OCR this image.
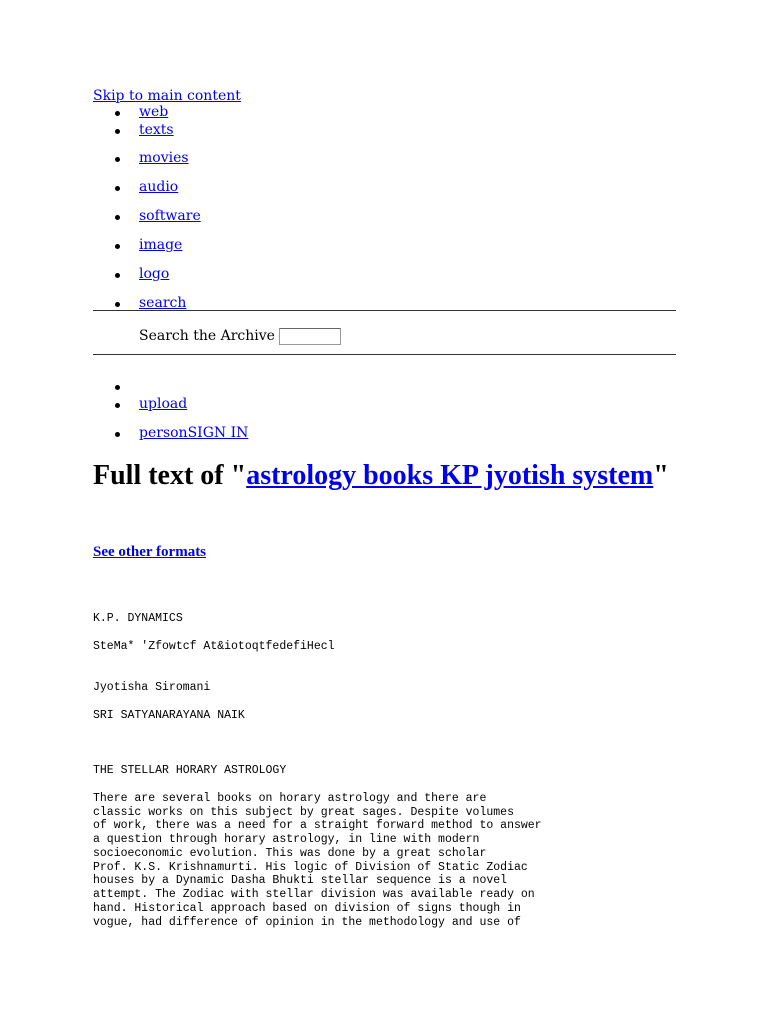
Skip to main content
web
texts
movies
audio
software
image
logo
search
Search the Archive
upload
personSIGN IN
Full text of "astrology books KP jyotish system"
See other formats
K.P. DYNAMICS
SteMa* 'Zfowtcf At&iotoqtfedefiHecl
Jyotisha Siromani
SRI SATYANARAYANA NAIK
THE STELLAR HORARY ASTROLOGY
There are several books on horary astrology and there are
classic works on this subject by great sages. Despite volumes
of work, there was a need for a straight forward method to answer
a question through horary astrology, in line with modern
socioeconomic evolution. This was done by a great scholar
Prof. K.S. Krishnamurti. His logic of Division of Static Zodiac
houses by a Dynamic Dasha Bhukti stellar sequence is a novel
attempt. The Zodiac with stellar division was available ready on
hand. Historical approach based on division of signs though in
vogue, had difference of opinion in the methodology and use of
